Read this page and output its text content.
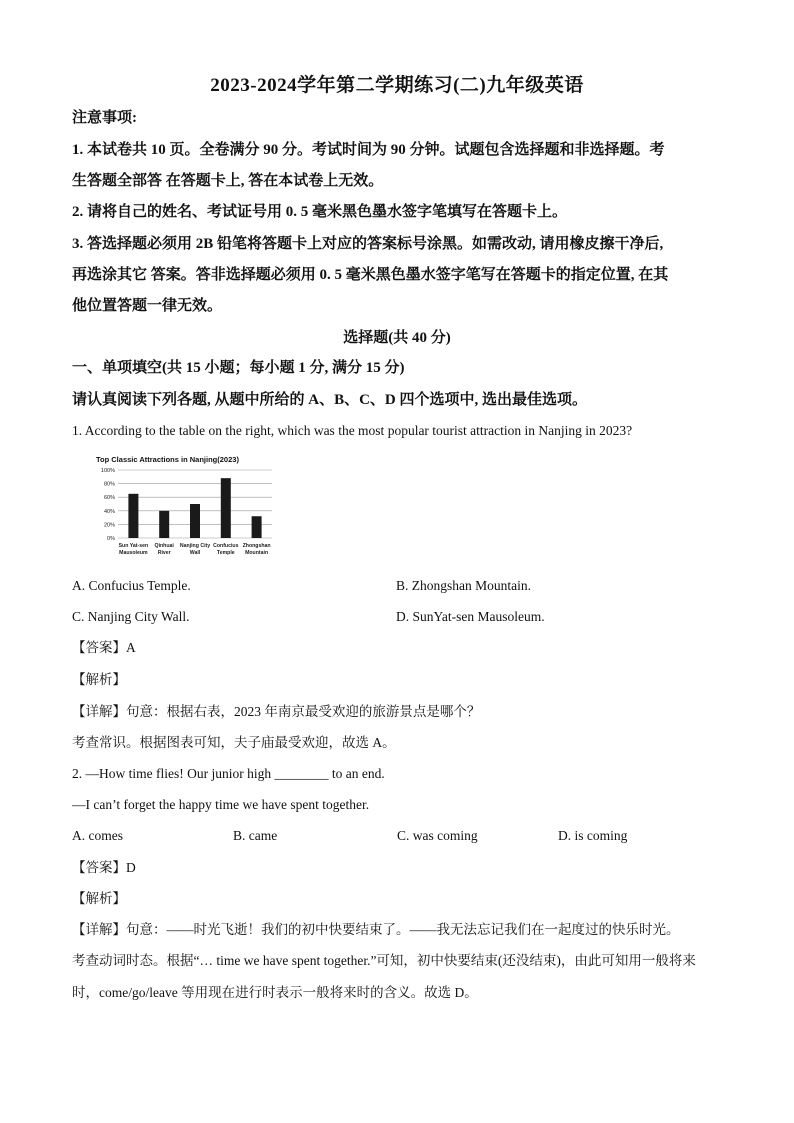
2023-2024学年第二学期练习(二)九年级英语
注意事项:
1. 本试卷共 10 页。全卷满分 90 分。考试时间为 90 分钟。试题包含选择题和非选择题。考
生答题全部答 在答题卡上, 答在本试卷上无效。
2. 请将自己的姓名、考试证号用 0. 5 毫米黑色墨水签字笔填写在答题卡上。
3. 答选择题必须用 2B 铅笔将答题卡上对应的答案标号涂黑。如需改动, 请用橡皮擦干净后,
再选涂其它 答案。答非选择题必须用 0. 5 毫米黑色墨水签字笔写在答题卡的指定位置, 在其
他位置答题一律无效。
选择题(共 40 分)
一、单项填空(共 15 小题；每小题 1 分, 满分 15 分)
请认真阅读下列各题, 从题中所给的 A、B、C、D 四个选项中, 选出最佳选项。
1. According to the table on the right, which was the most popular tourist attraction in Nanjing in 2023?
Top Classic Attractions in Nanjing(2023)
100%
80%
60%
40%
20%
0%
Sun Yat-sen
Mausoleum
Qinhuai
River
Nanjing City
Wall
Confucius
Temple
Zhongshan
Mountain
A. Confucius Temple.	B. Zhongshan Mountain.
C. Nanjing City Wall.	D. SunYat-sen Mausoleum.
【答案】A
【解析】
【详解】句意：根据右表，2023 年南京最受欢迎的旅游景点是哪个？
考查常识。根据图表可知，夫子庙最受欢迎，故选 A。
2. —How time flies! Our junior high ________ to an end.
—I can’t forget the happy time we have spent together.
A. comes	B. came	C. was coming	D. is coming
【答案】D
【解析】
【详解】句意：——时光飞逝！我们的初中快要结束了。——我无法忘记我们在一起度过的快乐时光。
考查动词时态。根据“… time we have spent together.”可知，初中快要结束(还没结束)，由此可知用一般将来
时，come/go/leave 等用现在进行时表示一般将来时的含义。故选 D。
